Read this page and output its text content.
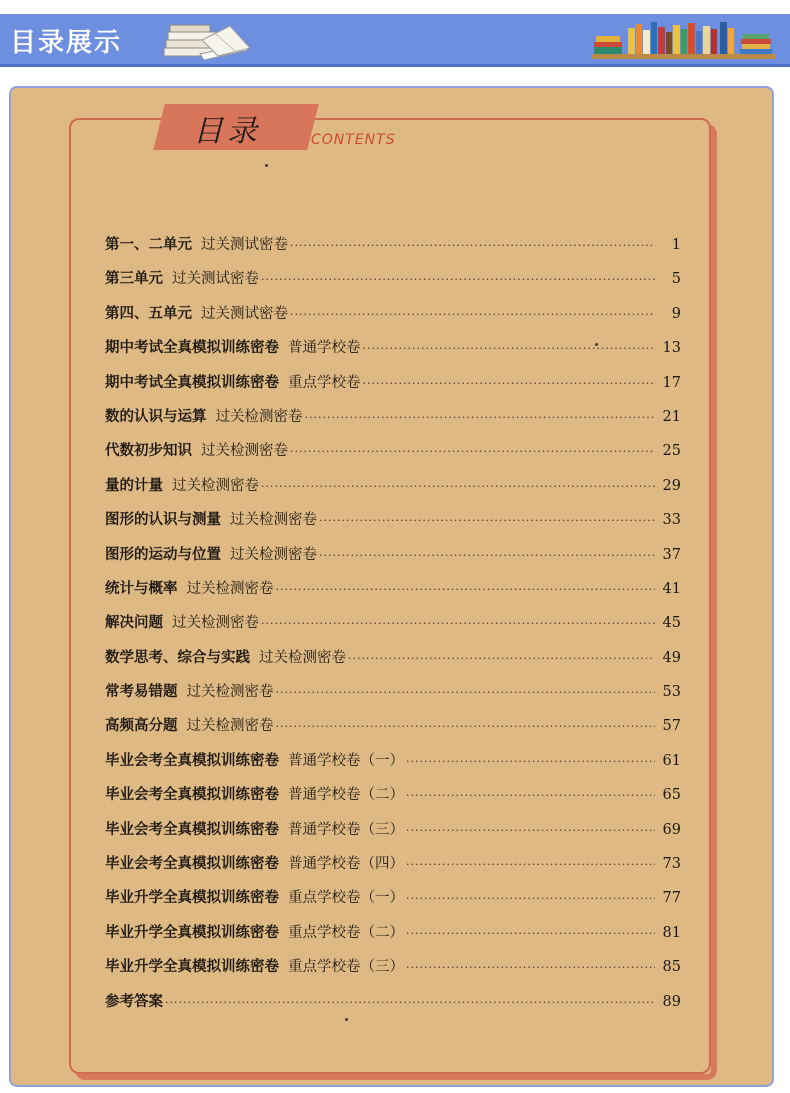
目录展示
目录	CONTENTS
第一、二单元 过关测试密卷 ·····	1
第三单元 过关测试密卷 ·····	5
第四、五单元 过关测试密卷 ·····	9
期中考试全真模拟训练密卷 普通学校卷 ·····	13
期中考试全真模拟训练密卷 重点学校卷 ·····	17
数的认识与运算 过关检测密卷 ·····	21
代数初步知识 过关检测密卷 ·····	25
量的计量 过关检测密卷 ·····	29
图形的认识与测量 过关检测密卷 ·····	33
图形的运动与位置 过关检测密卷 ·····	37
统计与概率 过关检测密卷 ·····	41
解决问题 过关检测密卷 ·····	45
数学思考、综合与实践 过关检测密卷 ·····	49
常考易错题 过关检测密卷 ·····	53
高频高分题 过关检测密卷 ·····	57
毕业会考全真模拟训练密卷 普通学校卷（一） ·····	61
毕业会考全真模拟训练密卷 普通学校卷（二） ·····	65
毕业会考全真模拟训练密卷 普通学校卷（三） ·····	69
毕业会考全真模拟训练密卷 普通学校卷（四） ·····	73
毕业升学全真模拟训练密卷 重点学校卷（一） ·····	77
毕业升学全真模拟训练密卷 重点学校卷（二） ·····	81
毕业升学全真模拟训练密卷 重点学校卷（三） ·····	85
参考答案 ·····	89
